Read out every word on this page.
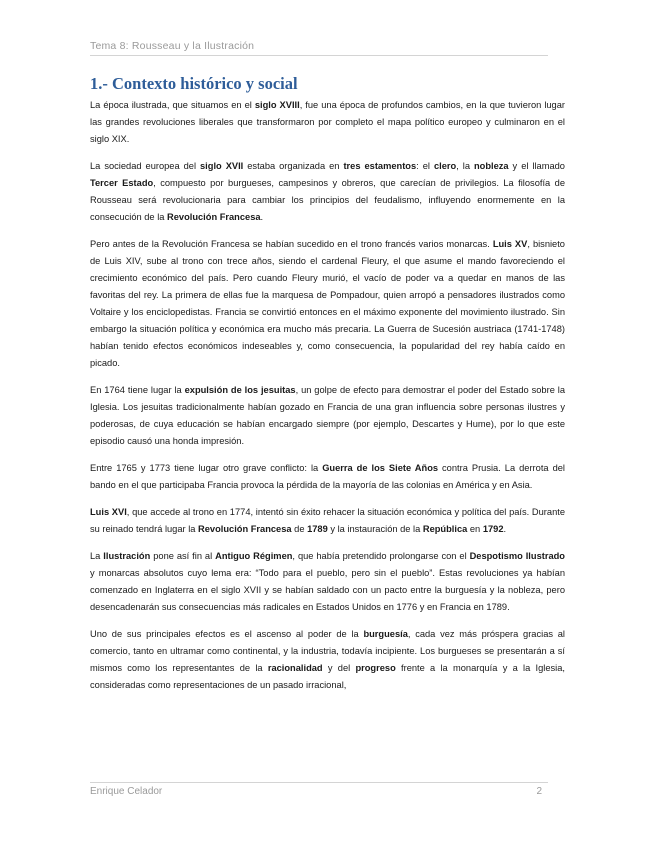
Tema 8: Rousseau y la Ilustración
1.- Contexto histórico y social

La época ilustrada, que situamos en el siglo XVIII, fue una época de profundos cambios, en la que tuvieron lugar las grandes revoluciones liberales que transformaron por completo el mapa político europeo y culminaron en el siglo XIX.

La sociedad europea del siglo XVII estaba organizada en tres estamentos: el clero, la nobleza y el llamado Tercer Estado, compuesto por burgueses, campesinos y obreros, que carecían de privilegios. La filosofía de Rousseau será revolucionaria para cambiar los principios del feudalismo, influyendo enormemente en la consecución de la Revolución Francesa.

Pero antes de la Revolución Francesa se habían sucedido en el trono francés varios monarcas. Luis XV, bisnieto de Luis XIV, sube al trono con trece años, siendo el cardenal Fleury, el que asume el mando favoreciendo el crecimiento económico del país. Pero cuando Fleury murió, el vacío de poder va a quedar en manos de las favoritas del rey. La primera de ellas fue la marquesa de Pompadour, quien arropó a pensadores ilustrados como Voltaire y los enciclopedistas. Francia se convirtió entonces en el máximo exponente del movimiento ilustrado. Sin embargo la situación política y económica era mucho más precaria. La Guerra de Sucesión austriaca (1741-1748) habían tenido efectos económicos indeseables y, como consecuencia, la popularidad del rey había caído en picado.

En 1764 tiene lugar la expulsión de los jesuitas, un golpe de efecto para demostrar el poder del Estado sobre la Iglesia. Los jesuitas tradicionalmente habían gozado en Francia de una gran influencia sobre personas ilustres y poderosas, de cuya educación se habían encargado siempre (por ejemplo, Descartes y Hume), por lo que este episodio causó una honda impresión.

Entre 1765 y 1773 tiene lugar otro grave conflicto: la Guerra de los Siete Años contra Prusia. La derrota del bando en el que participaba Francia provoca la pérdida de la mayoría de las colonias en América y en Asia.

Luis XVI, que accede al trono en 1774, intentó sin éxito rehacer la situación económica y política del país. Durante su reinado tendrá lugar la Revolución Francesa de 1789 y la instauración de la República en 1792.

La Ilustración pone así fin al Antiguo Régimen, que había pretendido prolongarse con el Despotismo Ilustrado y monarcas absolutos cuyo lema era: “Todo para el pueblo, pero sin el pueblo”. Estas revoluciones ya habían comenzado en Inglaterra en el siglo XVII y se habían saldado con un pacto entre la burguesía y la nobleza, pero desencadenarán sus consecuencias más radicales en Estados Unidos en 1776 y en Francia en 1789.

Uno de sus principales efectos es el ascenso al poder de la burguesía, cada vez más próspera gracias al comercio, tanto en ultramar como continental, y la industria, todavía incipiente. Los burgueses se presentarán a sí mismos como los representantes de la racionalidad y del progreso frente a la monarquía y a la Iglesia, consideradas como representaciones de un pasado irracional,

Enrique Celador	2
